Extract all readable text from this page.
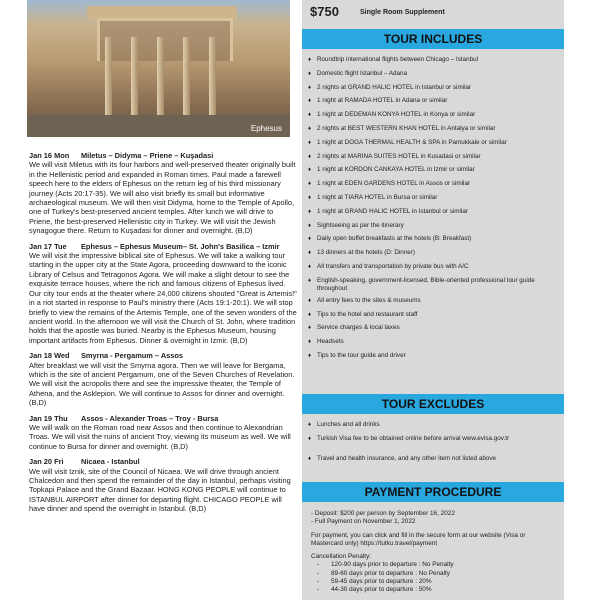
Ephesus
Jan 16 Mon Miletus – Didyma – Priene – Kuşadasi

We will visit Miletus with its four harbors and well-preserved theater originally built in the Hellenistic period and expanded in Roman times. Paul made a farewell speech here to the elders of Ephesus on the return leg of his third missionary journey (Acts 20:17-35). We will also visit briefly its small but informative archaeological museum. We will then visit Didyma, home to the Temple of Apollo, one of Turkey's best-preserved ancient temples. After lunch we will drive to Priene, the best-preserved Hellenistic city in Turkey. We will visit the Jewish synagogue there. Return to Kuşadasi for dinner and overnight. (B,D)

Jan 17 Tue Ephesus – Ephesus Museum– St. John's Basilica – Izmir

We will visit the impressive biblical site of Ephesus. We will take a walking tour starting in the upper city at the State Agora, proceeding downward to the iconic Library of Celsus and Tetragonos Agora. We will make a slight detour to see the exquisite terrace houses, where the rich and famous citizens of Ephesus lived. Our city tour ends at the theater where 24,000 citizens shouted "Great is Artemis!" in a riot started in response to Paul's ministry there (Acts 19:1-20:1). We will stop briefly to view the remains of the Artemis Temple, one of the seven wonders of the ancient world. In the afternoon we will visit the Church of St. John, where tradition holds that the apostle was buried. Nearby is the Ephesus Museum, housing important artifacts from Ephesus. Dinner & overnight in Izmir. (B,D)

Jan 18 Wed Smyrna - Pergamum – Assos

After breakfast we will visit the Smyrna agora. Then we will leave for Bergama, which is the site of ancient Pergamum, one of the Seven Churches of Revelation. We will visit the acropolis there and see the impressive theater, the Temple of Athena, and the Asklepion. We will continue to Assos for dinner and overnight. (B,D)

Jan 19 Thu Assos - Alexander Troas – Troy - Bursa

We will walk on the Roman road near Assos and then continue to Alexandrian Troas. We will visit the ruins of ancient Troy, viewing its museum as well. We will continue to Bursa for dinner and overnight. (B,D)

Jan 20 Fri Nicaea - Istanbul

We will visit Iznik, site of the Council of Nicaea. We will drive through ancient Chalcedon and then spend the remainder of the day in Istanbul, perhaps visiting Topkapi Palace and the Grand Bazaar. HONG KONG PEOPLE will continue to ISTANBUL AIRPORT after dinner for departing flight. CHICAGO PEOPLE will have dinner and spend the overnight in Istanbul. (B,D)

$750	Single Room Supplement
TOUR INCLUDES
♦ Roundtrip international flights between Chicago – Istanbul
♦ Domestic flight Istanbul – Adana
♦ 2 nights at GRAND HALIC HOTEL in Istanbul or similar
♦ 1 night at RAMADA HOTEL in Adana or similar
♦ 1 night at DEDEMAN KONYA HOTEL in Konya or similar
♦ 2 nights at BEST WESTERN KHAN HOTEL in Antalya or similar
♦ 1 night at DOGA THERMAL HEALTH & SPA in Pamukkale or similar
♦ 2 nights at MARINA SUITES HOTEL in Kusadasi or similar
♦ 1 night at KORDON CANKAYA HOTEL in Izmir or similar
♦ 1 night at EDEN GARDENS HOTEL in Assos or similar
♦ 1 night at TIARA HOTEL in Bursa or similar
♦ 1 night at GRAND HALIC HOTEL in Istanbul or similar
♦ Sightseeing as per the itinerary
♦ Daily open buffet breakfasts at the hotels (B: Breakfast)
♦ 13 dinners at the hotels (D: Dinner)
♦ All transfers and transportation by private bus with A/C
♦ English-speaking, government-licensed, Bible-oriented professional tour guide throughout
♦ All entry fees to the sites & museums
♦ Tips to the hotel and restaurant staff
♦ Service charges & local taxes
♦ Headsets
♦ Tips to the tour guide and driver
TOUR EXCLUDES
♦ Lunches and all drinks
♦ Turkish Visa fee to be obtained online before arrival www.evisa.gov.tr
♦ Travel and health insurance, and any other item not listed above
PAYMENT PROCEDURE

- Deposit: $200 per person by September 16, 2022
- Full Payment on November 1, 2022

For payment, you can click and fill in the secure form at our website (Visa or Mastercard only) https://tutku.travel/payment

Cancellation Penalty:
-	120-90 days prior to departure : No Penalty
-	89-60 days prior to departure : No Penalty
-	59-45 days prior to departure : 20%
-	44-30 days prior to departure : 50%
